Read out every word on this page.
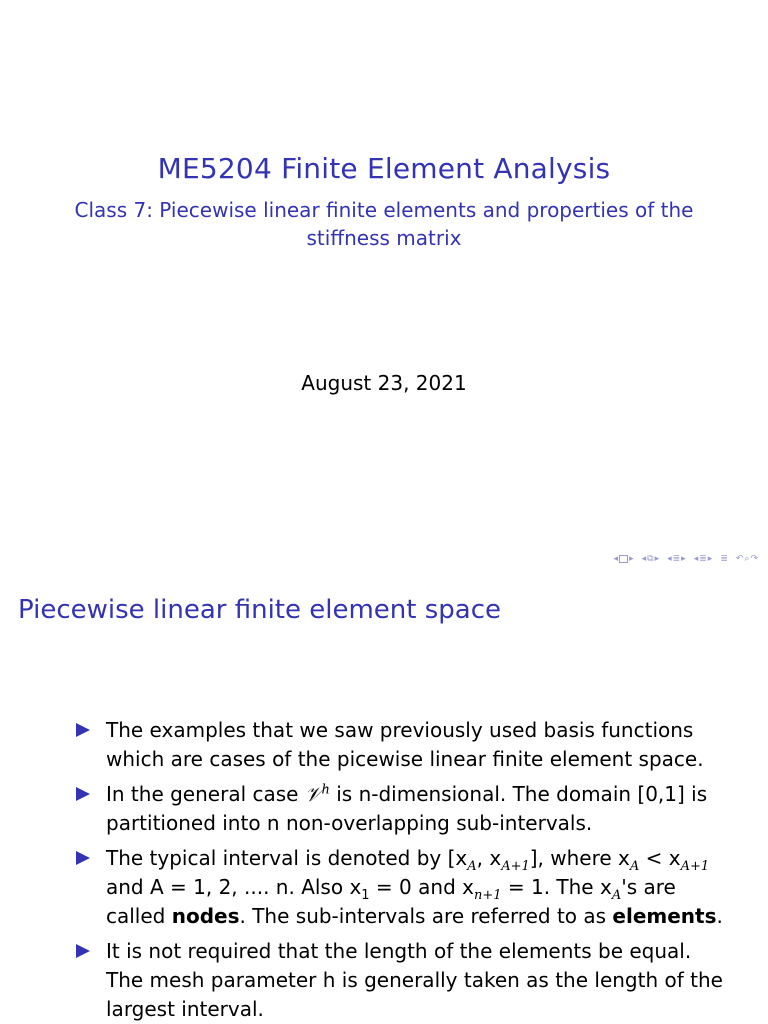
ME5204 Finite Element Analysis
Class 7: Piecewise linear finite elements and properties of the stiffness matrix
August 23, 2021
◂ ▸ ◂ ⧉ ▸ ◂ ≣ ▸ ◂ ≣ ▸ ≣ ↶ ⌕ ↷
Piecewise linear finite element space
The examples that we saw previously used basis functions which are cases of the picewise linear finite element space.
In the general case 𝒱$^h$ is n-dimensional. The domain [0,1] is partitioned into n non-overlapping sub-intervals.
The typical interval is denoted by [$x_A$, $x_{A+1}$], where $x_A < x_{A+1}$ and A = 1, 2, .... n. Also $x_1 = 0$ and $x_{n+1} = 1$. The $x_A's$ are called nodes. The sub-intervals are referred to as elements.
It is not required that the length of the elements be equal. The mesh parameter h is generally taken as the length of the largest interval.
